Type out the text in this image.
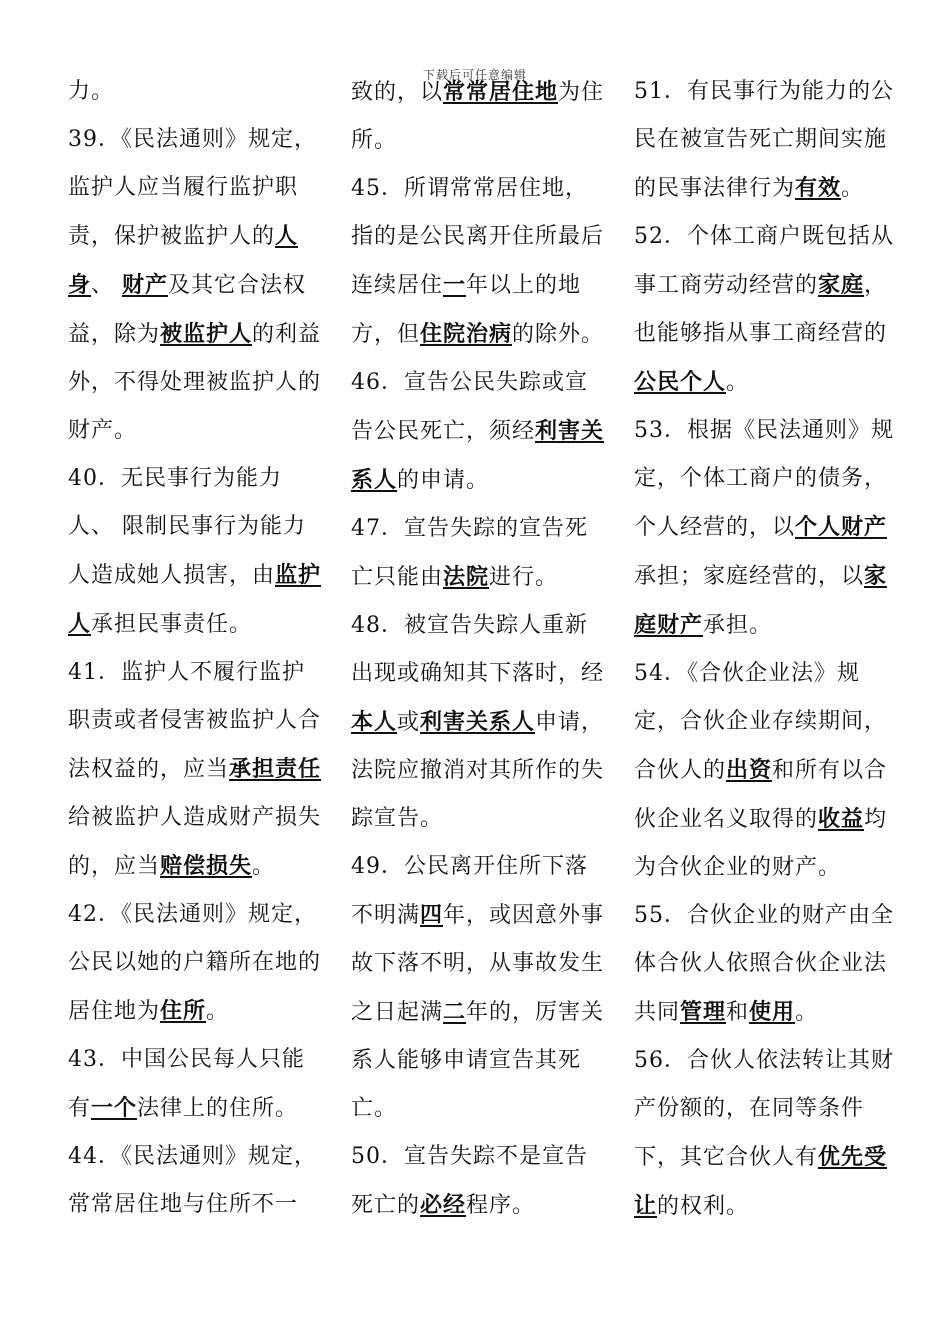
下载后可任意编辑

力。

39．《民法通则》规定，监护人应当履行监护职责，保护被监护人的人身、 财产及其它合法权益，除为被监护人的利益外，不得处理被监护人的财产。

40．无民事行为能力人、 限制民事行为能力人造成她人损害，由监护人承担民事责任。

41．监护人不履行监护职责或者侵害被监护人合法权益的，应当承担责任给被监护人造成财产损失的，应当赔偿损失。

42．《民法通则》规定，公民以她的户籍所在地的居住地为住所。

43．中国公民每人只能有一个法律上的住所。

44．《民法通则》规定，常常居住地与住所不一

致的，以常常居住地为住所。

45．所谓常常居住地，指的是公民离开住所最后连续居住一年以上的地方，但住院治病的除外。

46．宣告公民失踪或宣告公民死亡，须经利害关系人的申请。

47．宣告失踪的宣告死亡只能由法院进行。

48．被宣告失踪人重新出现或确知其下落时，经本人或利害关系人申请，法院应撤消对其所作的失踪宣告。

49．公民离开住所下落不明满四年，或因意外事故下落不明，从事故发生之日起满二年的，厉害关系人能够申请宣告其死亡。

50．宣告失踪不是宣告死亡的必经程序。

51．有民事行为能力的公民在被宣告死亡期间实施的民事法律行为有效。

52．个体工商户既包括从事工商劳动经营的家庭，也能够指从事工商经营的公民个人。

53．根据《民法通则》规定，个体工商户的债务，个人经营的，以个人财产承担；家庭经营的，以家庭财产承担。

54．《合伙企业法》规定，合伙企业存续期间，合伙人的出资和所有以合伙企业名义取得的收益均为合伙企业的财产。

55．合伙企业的财产由全体合伙人依照合伙企业法共同管理和使用。

56．合伙人依法转让其财产份额的，在同等条件下，其它合伙人有优先受让的权利。
